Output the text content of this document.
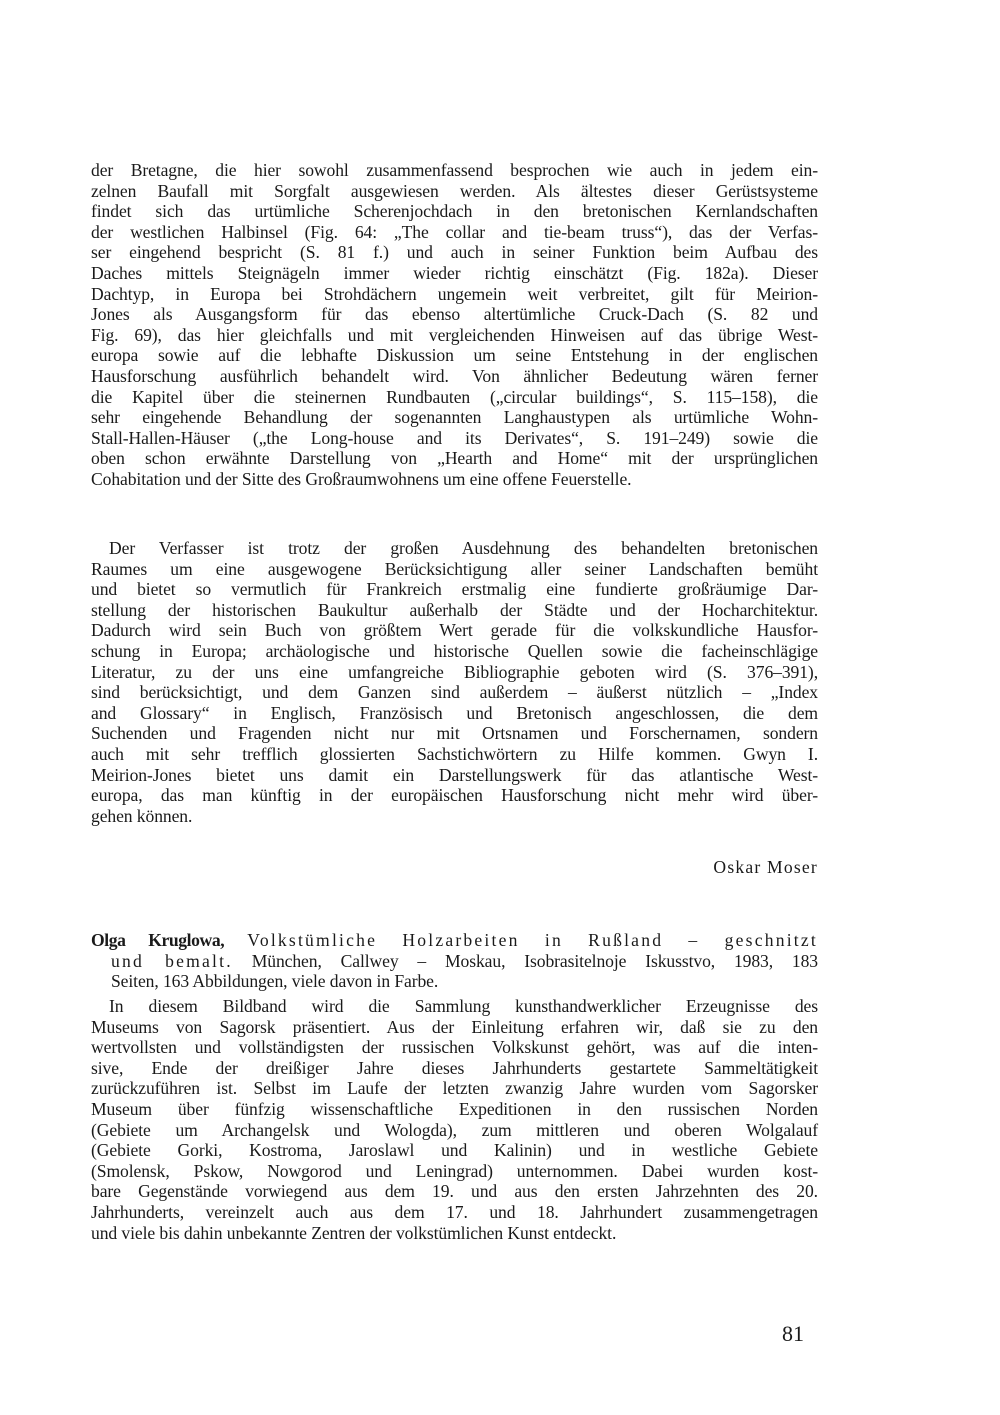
der Bretagne, die hier sowohl zusammenfassend besprochen wie auch in jedem ein-
zelnen Baufall mit Sorgfalt ausgewiesen werden. Als ältestes dieser Gerüstsysteme
findet sich das urtümliche Scherenjochdach in den bretonischen Kernlandschaften
der westlichen Halbinsel (Fig. 64: „The collar and tie-beam truss“), das der Verfas-
ser eingehend bespricht (S. 81 f.) und auch in seiner Funktion beim Aufbau des
Daches mittels Steignägeln immer wieder richtig einschätzt (Fig. 182a). Dieser
Dachtyp, in Europa bei Strohdächern ungemein weit verbreitet, gilt für Meirion-
Jones als Ausgangsform für das ebenso altertümliche Cruck-Dach (S. 82 und
Fig. 69), das hier gleichfalls und mit vergleichenden Hinweisen auf das übrige West-
europa sowie auf die lebhafte Diskussion um seine Entstehung in der englischen
Hausforschung ausführlich behandelt wird. Von ähnlicher Bedeutung wären ferner
die Kapitel über die steinernen Rundbauten („circular buildings“, S. 115–158), die
sehr eingehende Behandlung der sogenannten Langhaustypen als urtümliche Wohn-
Stall-Hallen-Häuser („the Long-house and its Derivates“, S. 191–249) sowie die
oben schon erwähnte Darstellung von „Hearth and Home“ mit der ursprünglichen
Cohabitation und der Sitte des Großraumwohnens um eine offene Feuerstelle.
Der Verfasser ist trotz der großen Ausdehnung des behandelten bretonischen
Raumes um eine ausgewogene Berücksichtigung aller seiner Landschaften bemüht
und bietet so vermutlich für Frankreich erstmalig eine fundierte großräumige Dar-
stellung der historischen Baukultur außerhalb der Städte und der Hocharchitektur.
Dadurch wird sein Buch von größtem Wert gerade für die volkskundliche Hausfor-
schung in Europa; archäologische und historische Quellen sowie die facheinschlägige
Literatur, zu der uns eine umfangreiche Bibliographie geboten wird (S. 376–391),
sind berücksichtigt, und dem Ganzen sind außerdem – äußerst nützlich – „Index
and Glossary“ in Englisch, Französisch und Bretonisch angeschlossen, die dem
Suchenden und Fragenden nicht nur mit Ortsnamen und Forschernamen, sondern
auch mit sehr trefflich glossierten Sachstichwörtern zu Hilfe kommen. Gwyn I.
Meirion-Jones bietet uns damit ein Darstellungswerk für das atlantische West-
europa, das man künftig in der europäischen Hausforschung nicht mehr wird über-
gehen können.
Oskar Moser
Olga Kruglowa, Volkstümliche Holzarbeiten in Rußland – geschnitzt
und bemalt. München, Callwey – Moskau, Isobrasitelnoje Iskusstvo, 1983, 183
Seiten, 163 Abbildungen, viele davon in Farbe.
In diesem Bildband wird die Sammlung kunsthandwerklicher Erzeugnisse des
Museums von Sagorsk präsentiert. Aus der Einleitung erfahren wir, daß sie zu den
wertvollsten und vollständigsten der russischen Volkskunst gehört, was auf die inten-
sive, Ende der dreißiger Jahre dieses Jahrhunderts gestartete Sammeltätigkeit
zurückzuführen ist. Selbst im Laufe der letzten zwanzig Jahre wurden vom Sagorsker
Museum über fünfzig wissenschaftliche Expeditionen in den russischen Norden
(Gebiete um Archangelsk und Wologda), zum mittleren und oberen Wolgalauf
(Gebiete Gorki, Kostroma, Jaroslawl und Kalinin) und in westliche Gebiete
(Smolensk, Pskow, Nowgorod und Leningrad) unternommen. Dabei wurden kost-
bare Gegenstände vorwiegend aus dem 19. und aus den ersten Jahrzehnten des 20.
Jahrhunderts, vereinzelt auch aus dem 17. und 18. Jahrhundert zusammengetragen
und viele bis dahin unbekannte Zentren der volkstümlichen Kunst entdeckt.
81
